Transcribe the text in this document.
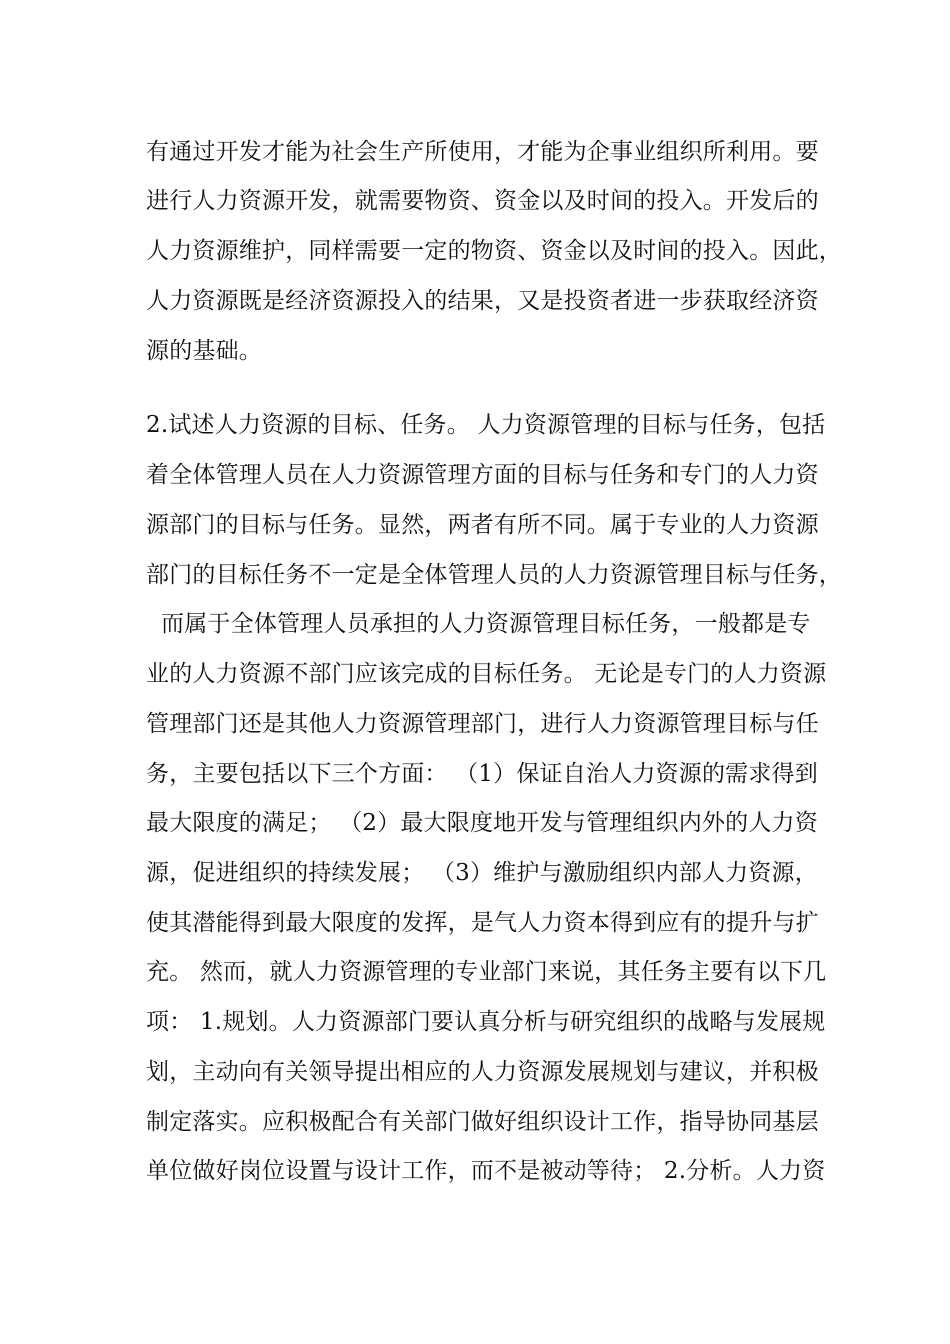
有通过开发才能为社会生产所使用，才能为企事业组织所利用。要
进行人力资源开发，就需要物资、资金以及时间的投入。开发后的
人力资源维护，同样需要一定的物资、资金以及时间的投入。因此，
人力资源既是经济资源投入的结果，又是投资者进一步获取经济资
源的基础。
2.试述人力资源的目标、任务。 人力资源管理的目标与任务，包括
着全体管理人员在人力资源管理方面的目标与任务和专门的人力资
源部门的目标与任务。显然，两者有所不同。属于专业的人力资源
部门的目标任务不一定是全体管理人员的人力资源管理目标与任务，
而属于全体管理人员承担的人力资源管理目标任务，一般都是专
业的人力资源不部门应该完成的目标任务。 无论是专门的人力资源
管理部门还是其他人力资源管理部门，进行人力资源管理目标与任
务，主要包括以下三个方面： （1）保证自治人力资源的需求得到
最大限度的满足； （2）最大限度地开发与管理组织内外的人力资
源，促进组织的持续发展； （3）维护与激励组织内部人力资源，
使其潜能得到最大限度的发挥，是气人力资本得到应有的提升与扩
充。 然而，就人力资源管理的专业部门来说，其任务主要有以下几
项： 1.规划。人力资源部门要认真分析与研究组织的战略与发展规
划，主动向有关领导提出相应的人力资源发展规划与建议，并积极
制定落实。应积极配合有关部门做好组织设计工作，指导协同基层
单位做好岗位设置与设计工作，而不是被动等待； 2.分析。人力资
